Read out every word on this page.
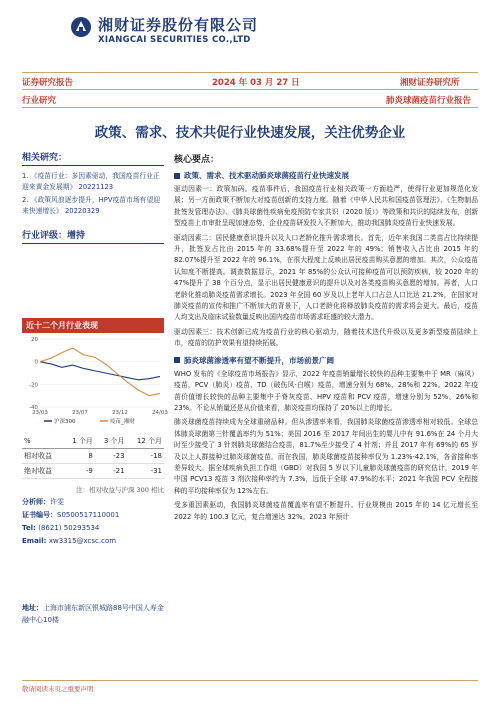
湘财证券股份有限公司
XIANGCAI SECURITIES CO.,LTD
证券研究报告	2024 年 03 月 27 日	湘财证券研究所
行业研究	肺炎球菌疫苗行业报告
政策、需求、技术共促行业快速发展，关注优势企业
相关研究：
1. 《疫苗行业：多因素驱动，我国疫苗行业正迎来黄金发展期》 20221123
2. 《政策风浪逐步提升，HPV疫苗市场有望迎来快速增长》 20220329
行业评级：增持
近十二个月行业表现
20
0
-20
-40
23/03	23/07	23/12	24/03
沪深300	疫苗_湘财
%	1 个月	3 个月	12 个月
相对收益	8	-23	-18
绝对收益	-9	-21	-31
注：相对收益与沪深 300 相比
分析师：许雯
证书编号：S0500517110001
Tel: (8621) 50293534
Email: xw3315@xcsc.com
地址：上海市浦东新区银城路88号中国人寿金融中心10楼
核心要点：
政策、需求、技术驱动肺炎球菌疫苗行业快速发展

驱动因素一：政策加码。疫苗事件后，我国疫苗行业相关政策一方面趋严，使得行业更加规范化发展；另一方面政策不断加大对疫苗创新的支持力度。随着《中华人民共和国疫苗管理法》、《生物制品批签发管理办法》、《肺炎球菌性疾病免疫预防专家共识（2020 版）》等政策和共识的陆续发布，创新型疫苗上市审批呈现加速态势，企业疫苗研发投入不断加大，推动我国肺炎疫苗行业快速发展。

驱动因素二：居民健康意识提升以及人口老龄化推升需求增长。首先，近年来我国二类苗占比持续提升，批签发占比由 2015 年的 33.68%提升至 2022 年的 49%；销售收入占比由 2015 年的 82.07%提升至 2022 年的 96.1%，在很大程度上反映出居民疫苗购买意愿的增加。其次，公众疫苗认知度不断提高。调查数据显示，2021 年 85%的公众认可接种疫苗可以预防疾病，较 2020 年的 47%提升了 38 个百分点，显示出居民健康意识的提升以及对各类疫苗购买意愿的增加。再者，人口老龄化推动肺炎疫苗需求增长。2023 年全国 60 岁及以上老年人口占总人口比达 21.2%，在国家对肺炎疫苗的宣传和推广不断加大的背景下，人口老龄化将释放肺炎疫苗的需求将会更大。最后，疫苗人均支出及临床试验数量反映出国内疫苗市场需求旺盛的较大潜力。

驱动因素三：技术创新已成为疫苗行业的核心驱动力，随着技术迭代升级以及更多新型疫苗陆续上市，疫苗的防护效果有望持续拓展。

肺炎球菌渗透率有望不断提升，市场前景广阔

WHO 发布的《全球疫苗市场报告》显示，2022 年疫苗销量增长较快的品种主要集中于 MR（麻风）疫苗，PCV（肺炎）疫苗、TD（破伤风-白喉）疫苗，增速分别为 68%、28%和 22%。2022 年疫苗价值增长较快的品种主要集中于脊灰疫苗、HPV 疫苗和 PCV 疫苗，增速分别为 52%、26%和 23%。不论从销量还是从价值来看，肺炎疫苗均保持了 20%以上的增长。

肺炎球菌疫苗持续成为全球重磅品种。但从渗透率来看，我国肺炎球菌疫苗渗透率相对较低。全球总体肺炎球菌第三针覆盖率约为 51%；美国 2016 至 2017 年间出生的婴儿中有 91.6%在 24 个月大时至少接受了 3 针剂肺炎球菌结合疫苗，81.7%至少接受了 4 针剂；并且 2017 年有 69%的 65 岁及以上人群接种过肺炎球菌疫苗。而在我国，肺炎球菌疫苗接种率仅为 1.23%-42.1%，各省接种率差异较大。据全球疾病负担工作组（GBD）对我国 5 岁以下儿童肺炎球菌疫苗的研究估计，2019 年中国 PCV13 疫苗 3 剂次接种率约为 7.3%，远低于全球 47.9%的水平；2021 年我国 PCV 全程接种的平均接种率仅为 12%左右。

受多重因素驱动，我国肺炎球菌疫苗覆盖率有望不断提升。行业规模由 2015 年的 14 亿元增长至 2022 年的 100.3 亿元，复合增速达 32%。2023 年预计

敬请阅读末页之重要声明
